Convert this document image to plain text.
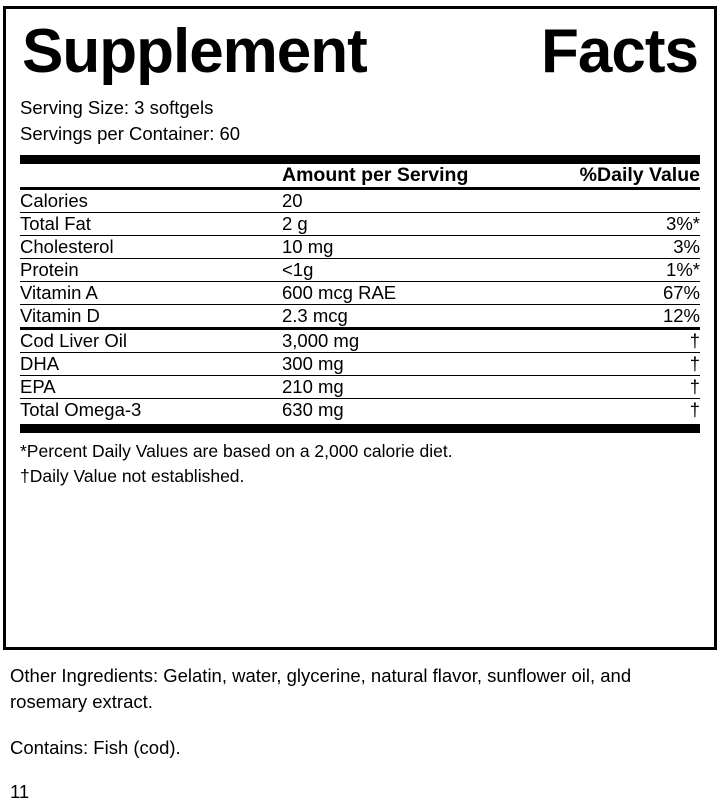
Supplement	Facts
Serving Size: 3 softgels
Servings per Container: 60
	Amount per Serving	%Daily Value

Calories	20	

Total Fat	2 g	3%*

Cholesterol	10 mg	3%

Protein	<1g	1%*

Vitamin A	600 mcg RAE	67%

Vitamin D	2.3 mcg	12%

Cod Liver Oil	3,000 mg	†

DHA	300 mg	†

EPA	210 mg	†

Total Omega-3	630 mg	†
*Percent Daily Values are based on a 2,000 calorie diet.
†Daily Value not established.
Other Ingredients: Gelatin, water, glycerine, natural flavor, sunflower oil, and rosemary extract.
Contains: Fish (cod).
11
